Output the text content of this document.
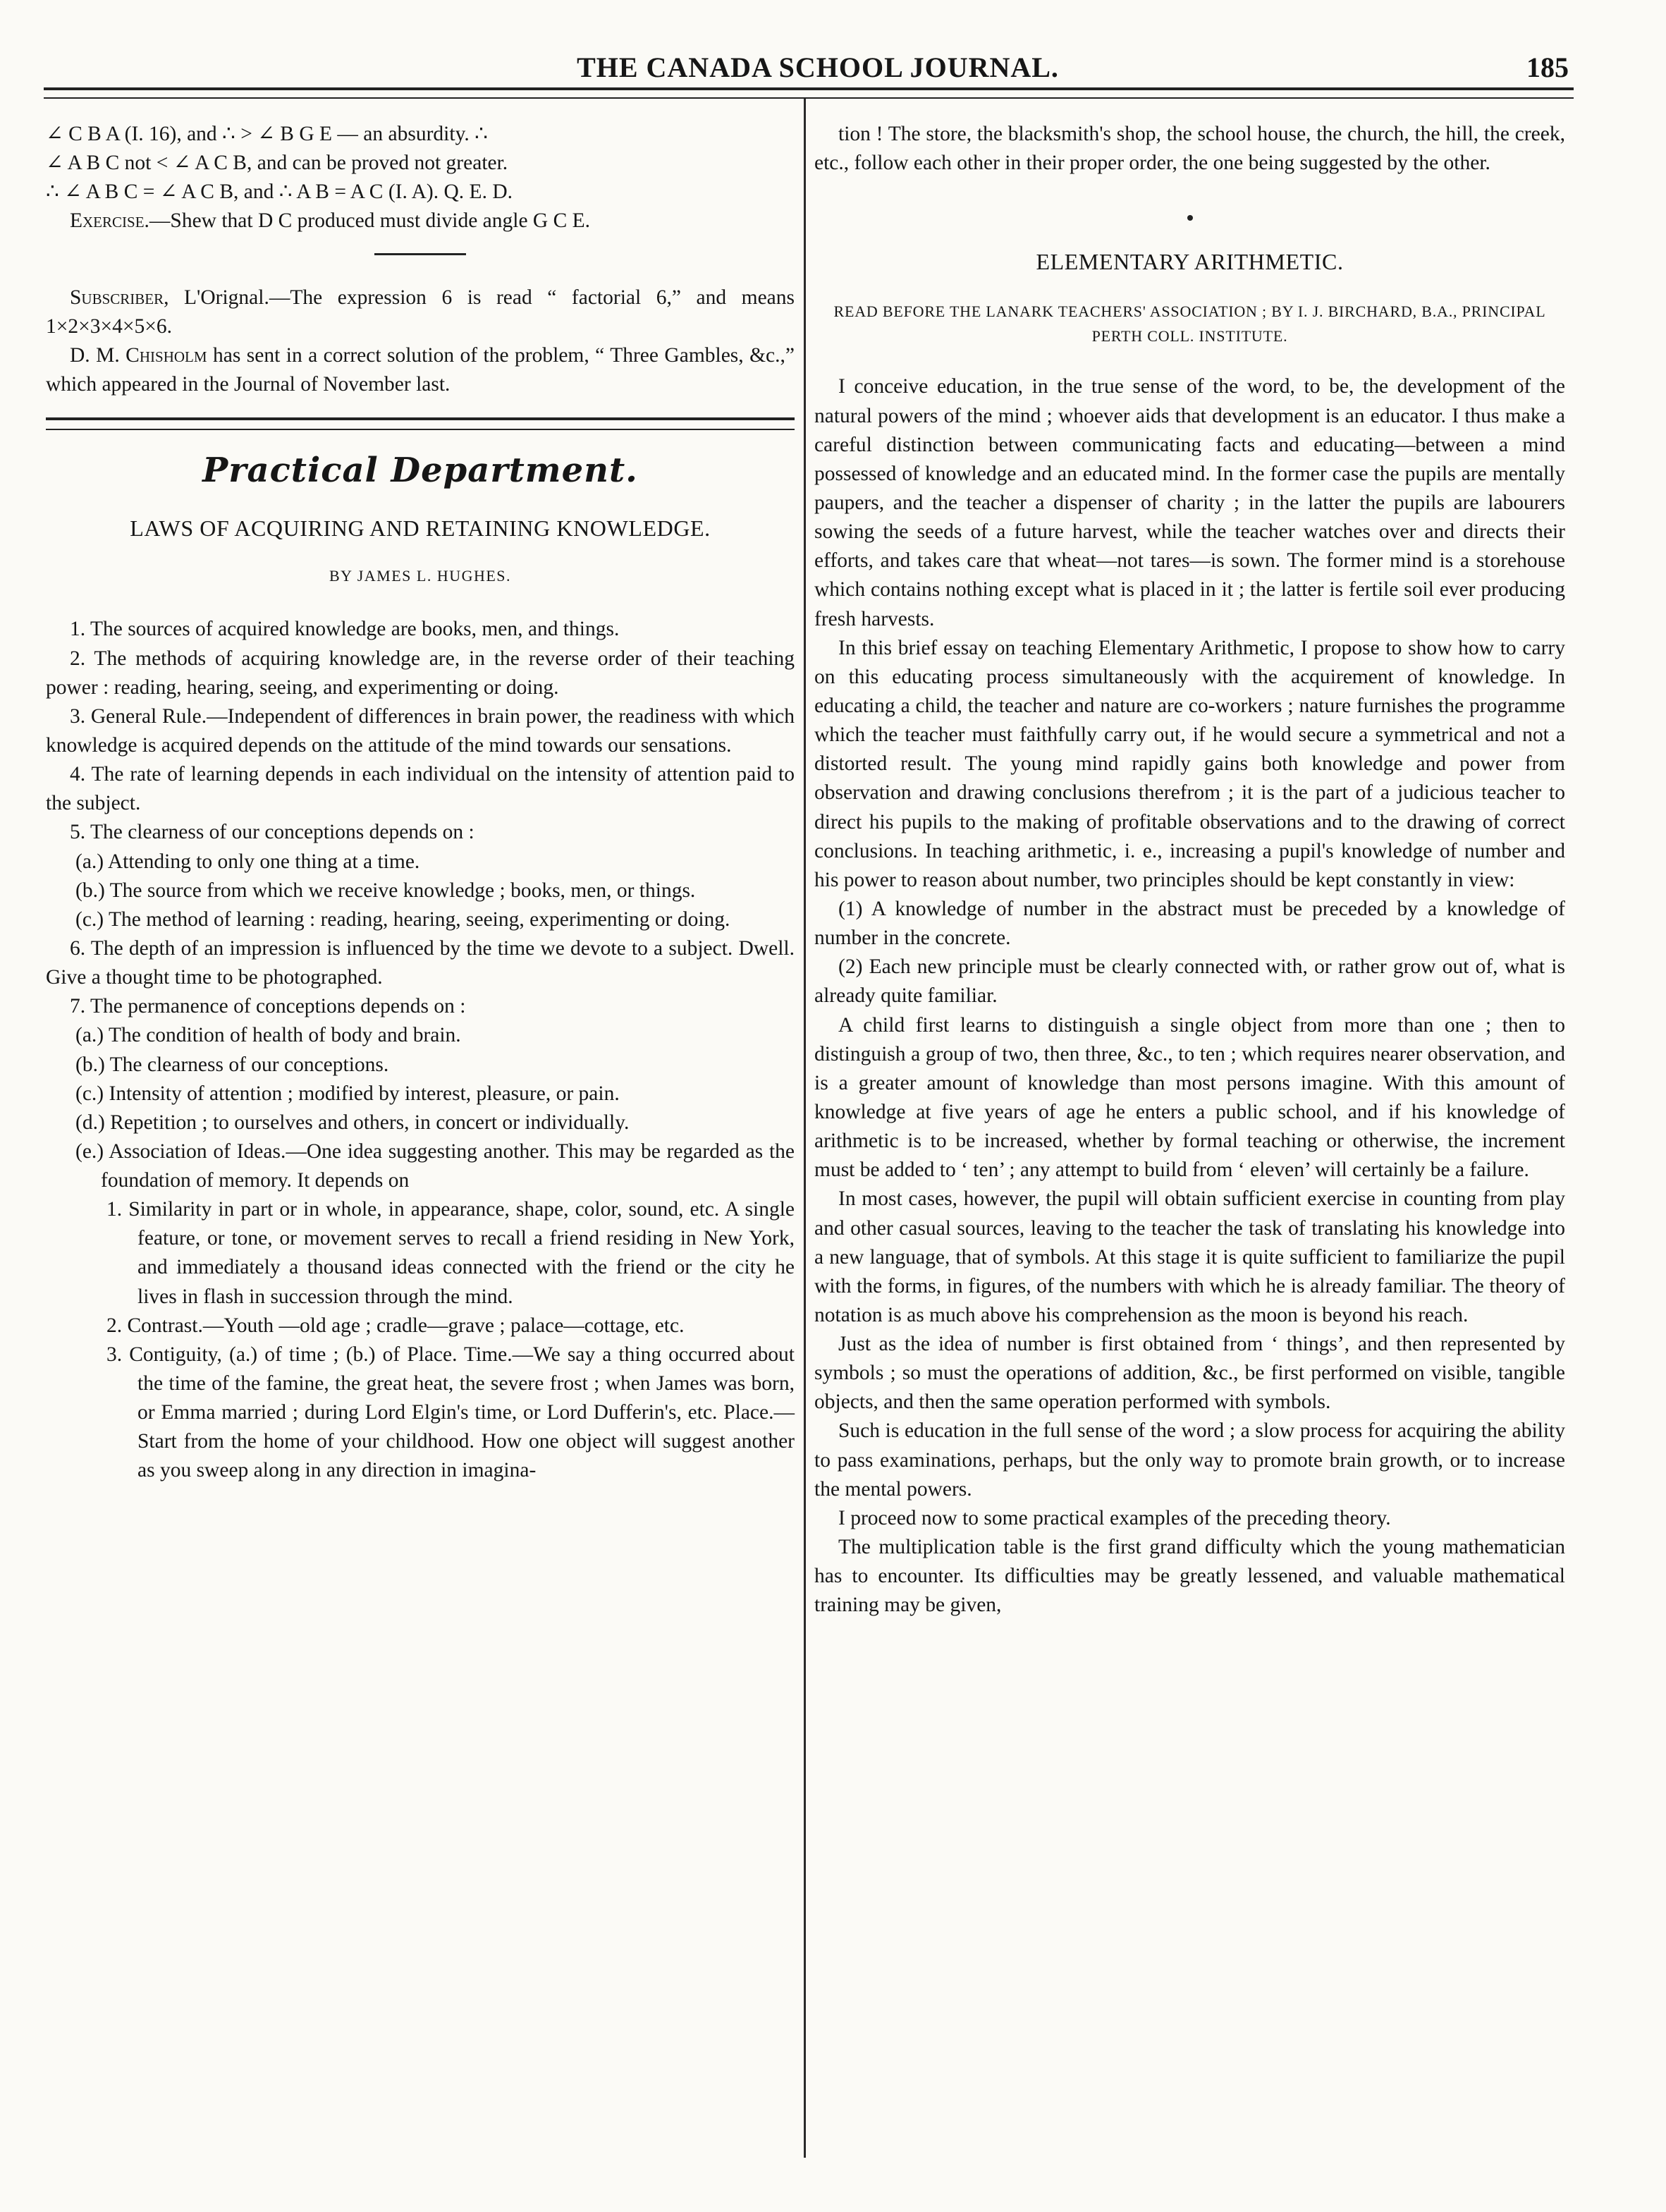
THE CANADA SCHOOL JOURNAL.	185

∠ C B A (I. 16), and ∴ > ∠ B G E — an absurdity. ∴

∠ A B C not < ∠ A C B, and can be proved not greater.

∴ ∠ A B C = ∠ A C B, and ∴ A B = A C (I. A). Q. E. D.

Exercise.—Shew that D C produced must divide angle G C E.

Subscriber, L'Orignal.—The expression 6 is read “ factorial 6,” and means 1×2×3×4×5×6.

D. M. Chisholm has sent in a correct solution of the problem, “ Three Gambles, &c.,” which appeared in the Journal of November last.

Practical Department.
LAWS OF ACQUIRING AND RETAINING KNOWLEDGE.
BY JAMES L. HUGHES.

1. The sources of acquired knowledge are books, men, and things.

2. The methods of acquiring knowledge are, in the reverse order of their teaching power : reading, hearing, seeing, and experimenting or doing.

3. General Rule.—Independent of differences in brain power, the readiness with which knowledge is acquired depends on the attitude of the mind towards our sensations.

4. The rate of learning depends in each individual on the intensity of attention paid to the subject.

5. The clearness of our conceptions depends on :

(a.) Attending to only one thing at a time.

(b.) The source from which we receive knowledge ; books, men, or things.

(c.) The method of learning : reading, hearing, seeing, experimenting or doing.

6. The depth of an impression is influenced by the time we devote to a subject. Dwell. Give a thought time to be photographed.

7. The permanence of conceptions depends on :

(a.) The condition of health of body and brain.

(b.) The clearness of our conceptions.

(c.) Intensity of attention ; modified by interest, pleasure, or pain.

(d.) Repetition ; to ourselves and others, in concert or individually.

(e.) Association of Ideas.—One idea suggesting another. This may be regarded as the foundation of memory. It depends on

1. Similarity in part or in whole, in appearance, shape, color, sound, etc. A single feature, or tone, or movement serves to recall a friend residing in New York, and immediately a thousand ideas connected with the friend or the city he lives in flash in succession through the mind.

2. Contrast.—Youth —old age ; cradle—grave ; palace—cottage, etc.

3. Contiguity, (a.) of time ; (b.) of Place. Time.—We say a thing occurred about the time of the famine, the great heat, the severe frost ; when James was born, or Emma married ; during Lord Elgin's time, or Lord Dufferin's, etc. Place.—Start from the home of your childhood. How one object will suggest another as you sweep along in any direction in imagina-

tion ! The store, the blacksmith's shop, the school house, the church, the hill, the creek, etc., follow each other in their proper order, the one being suggested by the other.

ELEMENTARY ARITHMETIC.
READ BEFORE THE LANARK TEACHERS' ASSOCIATION ; BY I. J. BIRCHARD, B.A., PRINCIPAL PERTH COLL. INSTITUTE.

I conceive education, in the true sense of the word, to be, the development of the natural powers of the mind ; whoever aids that development is an educator. I thus make a careful distinction between communicating facts and educating—between a mind possessed of knowledge and an educated mind. In the former case the pupils are mentally paupers, and the teacher a dispenser of charity ; in the latter the pupils are labourers sowing the seeds of a future harvest, while the teacher watches over and directs their efforts, and takes care that wheat—not tares—is sown. The former mind is a storehouse which contains nothing except what is placed in it ; the latter is fertile soil ever producing fresh harvests.

In this brief essay on teaching Elementary Arithmetic, I propose to show how to carry on this educating process simultaneously with the acquirement of knowledge. In educating a child, the teacher and nature are co-workers ; nature furnishes the programme which the teacher must faithfully carry out, if he would secure a symmetrical and not a distorted result. The young mind rapidly gains both knowledge and power from observation and drawing conclusions therefrom ; it is the part of a judicious teacher to direct his pupils to the making of profitable observations and to the drawing of correct conclusions. In teaching arithmetic, i. e., increasing a pupil's knowledge of number and his power to reason about number, two principles should be kept constantly in view:

(1) A knowledge of number in the abstract must be preceded by a knowledge of number in the concrete.

(2) Each new principle must be clearly connected with, or rather grow out of, what is already quite familiar.

A child first learns to distinguish a single object from more than one ; then to distinguish a group of two, then three, &c., to ten ; which requires nearer observation, and is a greater amount of knowledge than most persons imagine. With this amount of knowledge at five years of age he enters a public school, and if his knowledge of arithmetic is to be increased, whether by formal teaching or otherwise, the increment must be added to ‘ ten’ ; any attempt to build from ‘ eleven’ will certainly be a failure.

In most cases, however, the pupil will obtain sufficient exercise in counting from play and other casual sources, leaving to the teacher the task of translating his knowledge into a new language, that of symbols. At this stage it is quite sufficient to familiarize the pupil with the forms, in figures, of the numbers with which he is already familiar. The theory of notation is as much above his comprehension as the moon is beyond his reach.

Just as the idea of number is first obtained from ‘ things’, and then represented by symbols ; so must the operations of addition, &c., be first performed on visible, tangible objects, and then the same operation performed with symbols.

Such is education in the full sense of the word ; a slow process for acquiring the ability to pass examinations, perhaps, but the only way to promote brain growth, or to increase the mental powers.

I proceed now to some practical examples of the preceding theory.

The multiplication table is the first grand difficulty which the young mathematician has to encounter. Its difficulties may be greatly lessened, and valuable mathematical training may be given,
